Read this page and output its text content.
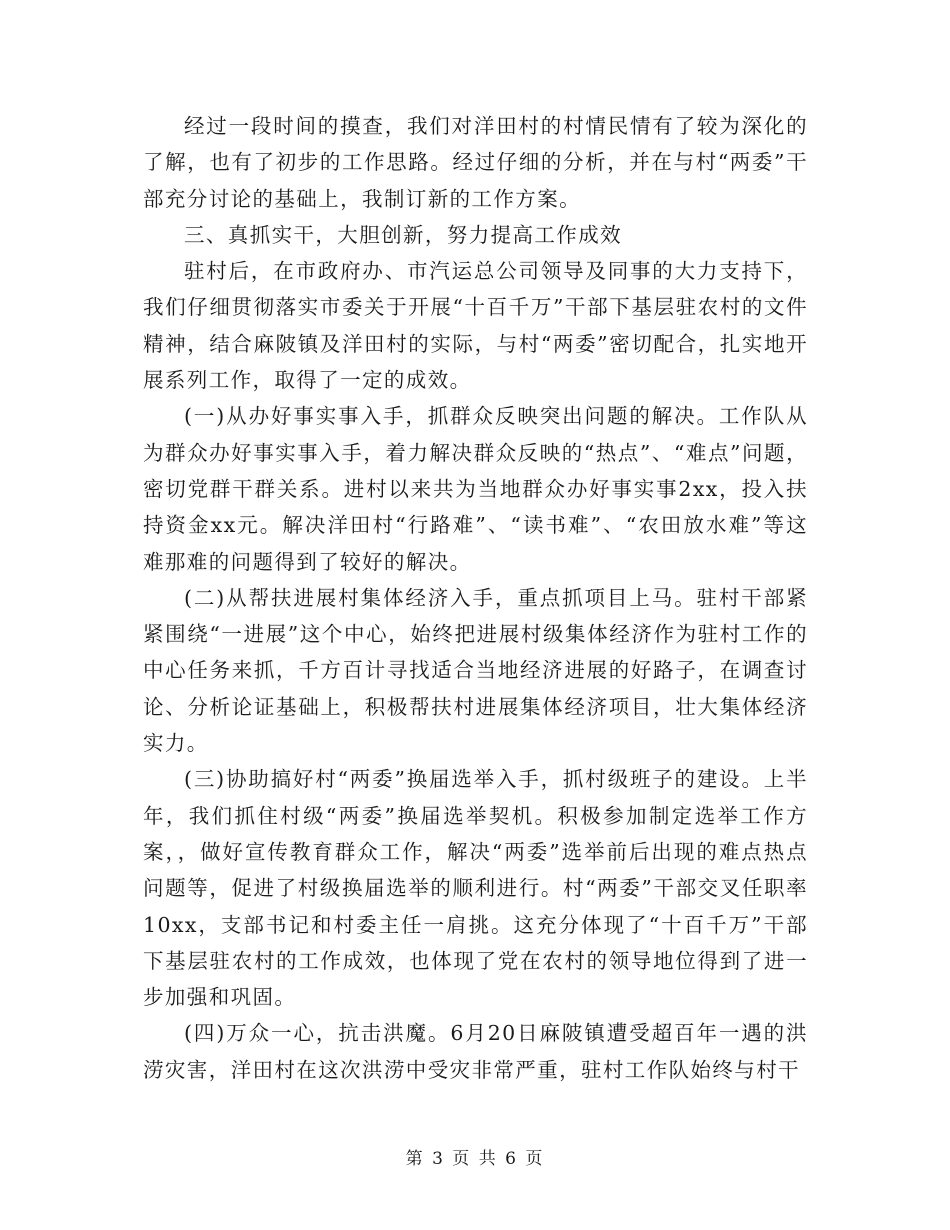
经过一段时间的摸查，我们对洋田村的村情民情有了较为深化的了解，也有了初步的工作思路。经过仔细的分析，并在与村“两委”干部充分讨论的基础上，我制订新的工作方案。

三、真抓实干，大胆创新，努力提高工作成效

驻村后，在市政府办、市汽运总公司领导及同事的大力支持下，我们仔细贯彻落实市委关于开展“十百千万”干部下基层驻农村的文件精神，结合麻陂镇及洋田村的实际，与村“两委”密切配合，扎实地开展系列工作，取得了一定的成效。

(一)从办好事实事入手，抓群众反映突出问题的解决。工作队从为群众办好事实事入手，着力解决群众反映的“热点”、“难点”问题，密切党群干群关系。进村以来共为当地群众办好事实事2xx，投入扶持资金xx元。解决洋田村“行路难”、“读书难”、“农田放水难”等这难那难的问题得到了较好的解决。

(二)从帮扶进展村集体经济入手，重点抓项目上马。驻村干部紧紧围绕“一进展”这个中心，始终把进展村级集体经济作为驻村工作的中心任务来抓，千方百计寻找适合当地经济进展的好路子，在调查讨论、分析论证基础上，积极帮扶村进展集体经济项目，壮大集体经济实力。

(三)协助搞好村“两委”换届选举入手，抓村级班子的建设。上半年，我们抓住村级“两委”换届选举契机。积极参加制定选举工作方案，，做好宣传教育群众工作，解决“两委”选举前后出现的难点热点问题等，促进了村级换届选举的顺利进行。村“两委”干部交叉任职率10xx，支部书记和村委主任一肩挑。这充分体现了“十百千万”干部下基层驻农村的工作成效，也体现了党在农村的领导地位得到了进一步加强和巩固。

(四)万众一心，抗击洪魔。6月20日麻陂镇遭受超百年一遇的洪涝灾害，洋田村在这次洪涝中受灾非常严重，驻村工作队始终与村干

第 3 页 共 6 页
